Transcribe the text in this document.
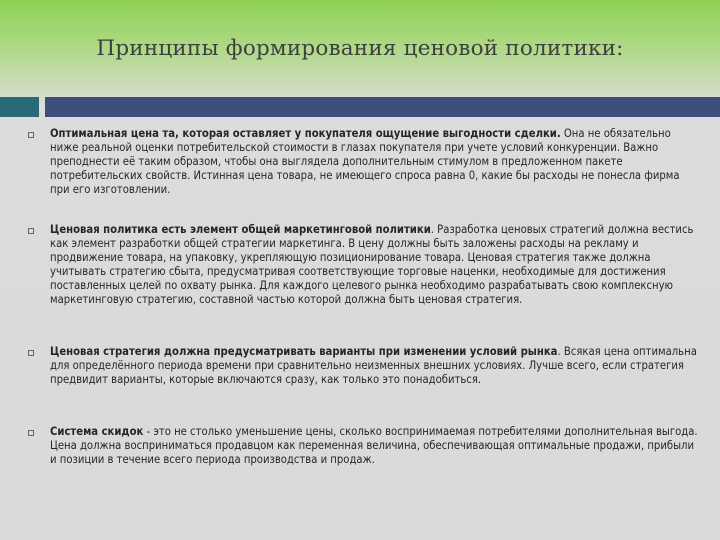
Принципы формирования ценовой политики:
Оптимальная цена та, которая оставляет у покупателя ощущение выгодности сделки. Она не обязательно ниже реальной оценки потребительской стоимости в глазах покупателя при учете условий конкуренции. Важно преподнести её таким образом, чтобы она выглядела дополнительным стимулом в предложенном пакете потребительских свойств. Истинная цена товара, не имеющего спроса равна 0, какие бы расходы не понесла фирма при его изготовлении.
Ценовая политика есть элемент общей маркетинговой политики. Разработка ценовых стратегий должна вестись как элемент разработки общей стратегии маркетинга. В цену должны быть заложены расходы на рекламу и продвижение товара, на упаковку, укрепляющую позиционирование товара. Ценовая стратегия также должна учитывать стратегию сбыта, предусматривая соответствующие торговые наценки, необходимые для достижения поставленных целей по охвату рынка. Для каждого целевого рынка необходимо разрабатывать свою комплексную маркетинговую стратегию, составной частью которой должна быть ценовая стратегия.
Ценовая стратегия должна предусматривать варианты при изменении условий рынка. Всякая цена оптимальна для определённого периода времени при сравнительно неизменных внешних условиях. Лучше всего, если стратегия предвидит варианты, которые включаются сразу, как только это понадобиться.
Система скидок - это не столько уменьшение цены, сколько воспринимаемая потребителями дополнительная выгода. Цена должна восприниматься продавцом как переменная величина, обеспечивающая оптимальные продажи, прибыли и позиции в течение всего периода производства и продаж.
